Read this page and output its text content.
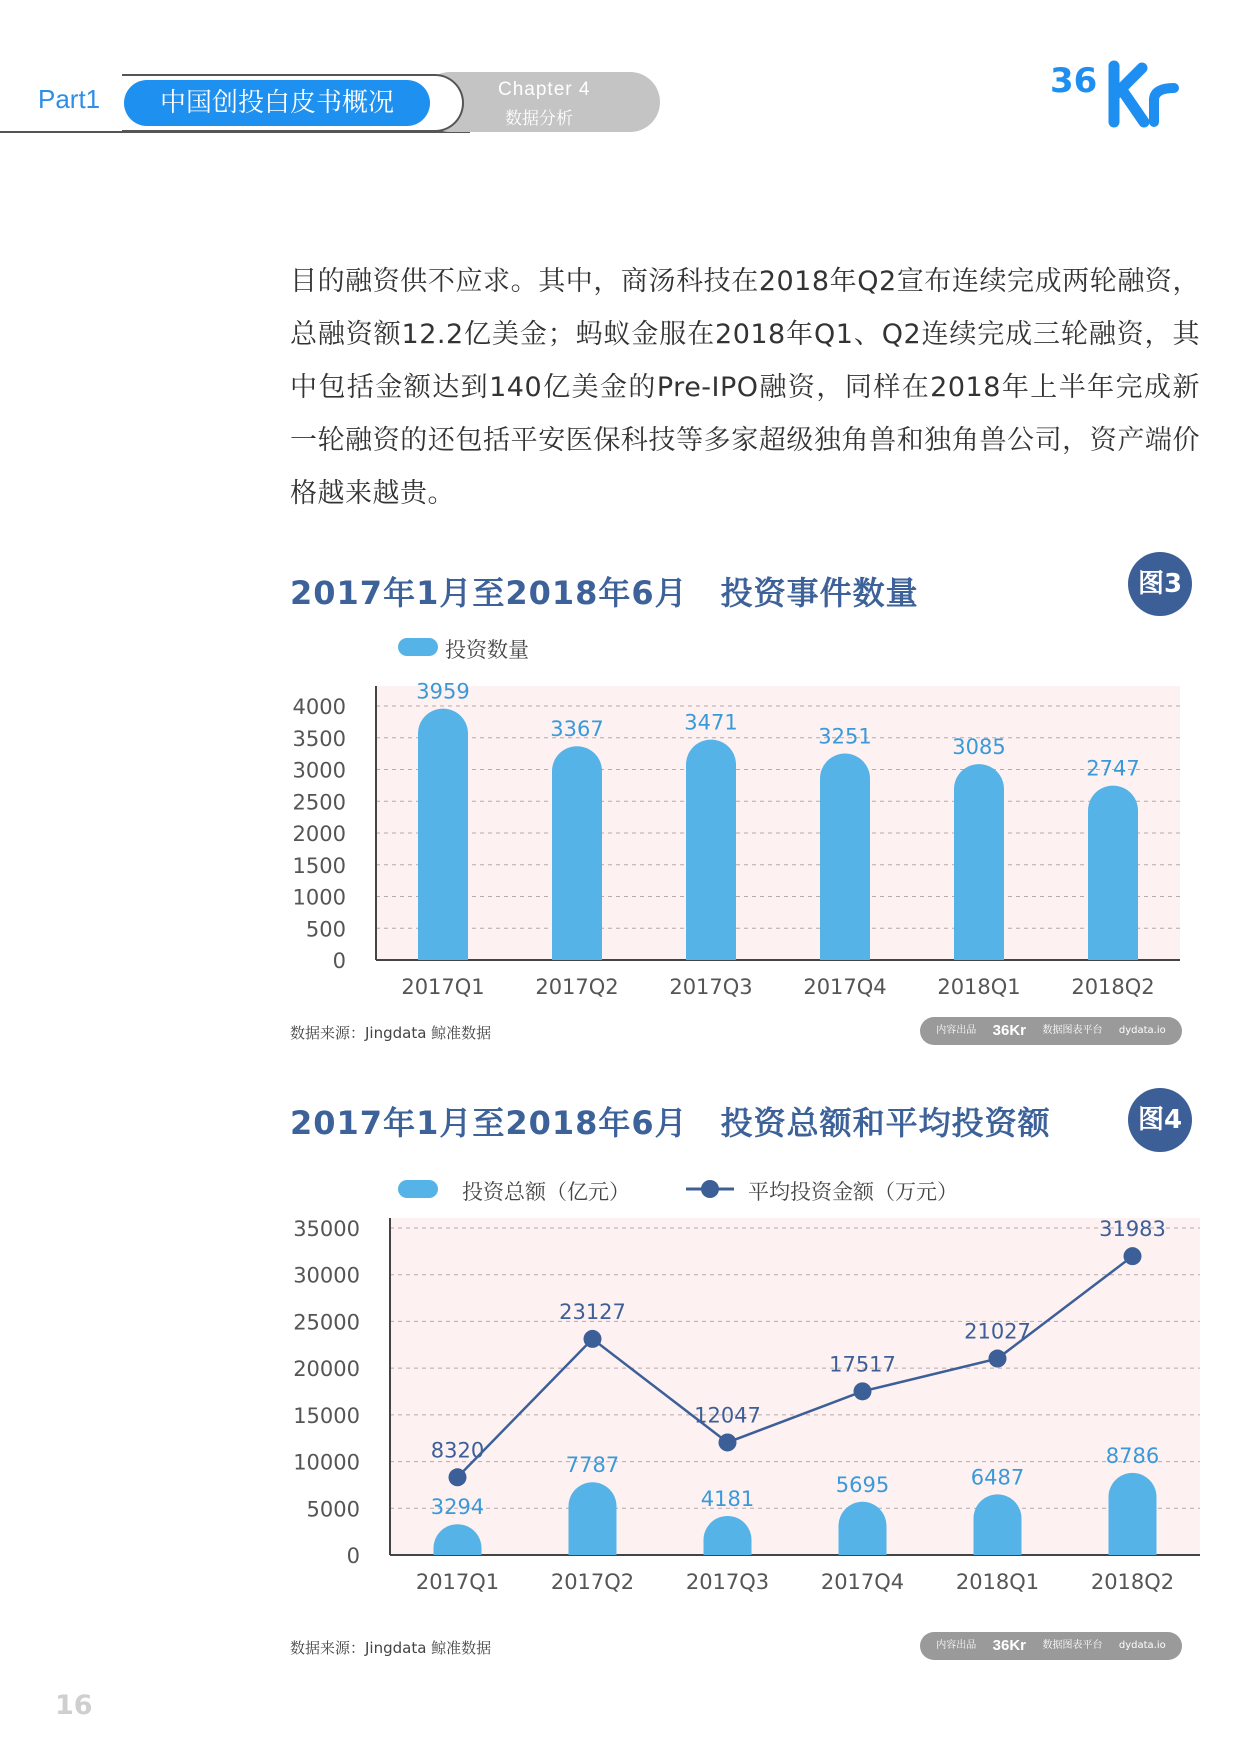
Part1	Chapter 4
数据分析
中国创投白皮书概况
36
目的融资供不应求。其中，商汤科技在2018年Q2宣布连续完成两轮融资，总融资额12.2亿美金；蚂蚁金服在2018年Q1、Q2连续完成三轮融资，其中包括金额达到140亿美金的Pre-IPO融资，同样在2018年上半年完成新一轮融资的还包括平安医保科技等多家超级独角兽和独角兽公司，资产端价格越来越贵。
2017年1月至2018年6月　投资事件数量	图3
投资数量
0
500
1000
1500
2000
2500
3000
3500
4000
2017Q1 2017Q2 2017Q3 2017Q4 2018Q1 2018Q2
3959
3367	3471
3251	3085
2747
数据来源：Jingdata 鲸准数据	内容出品 36Kr 数据图表平台 dydata.io
2017年1月至2018年6月　投资总额和平均投资额	图4
投资总额（亿元）	平均投资金额（万元）
0
5000
10000
15000
20000
25000
30000
35000
2017Q1 2017Q2 2017Q3 2017Q4 2018Q1 2018Q2
3294
7787
4181
5695	6487
8786
8320
23127
12047
17517
21027
31983
数据来源：Jingdata 鲸准数据	内容出品 36Kr 数据图表平台 dydata.io
16
